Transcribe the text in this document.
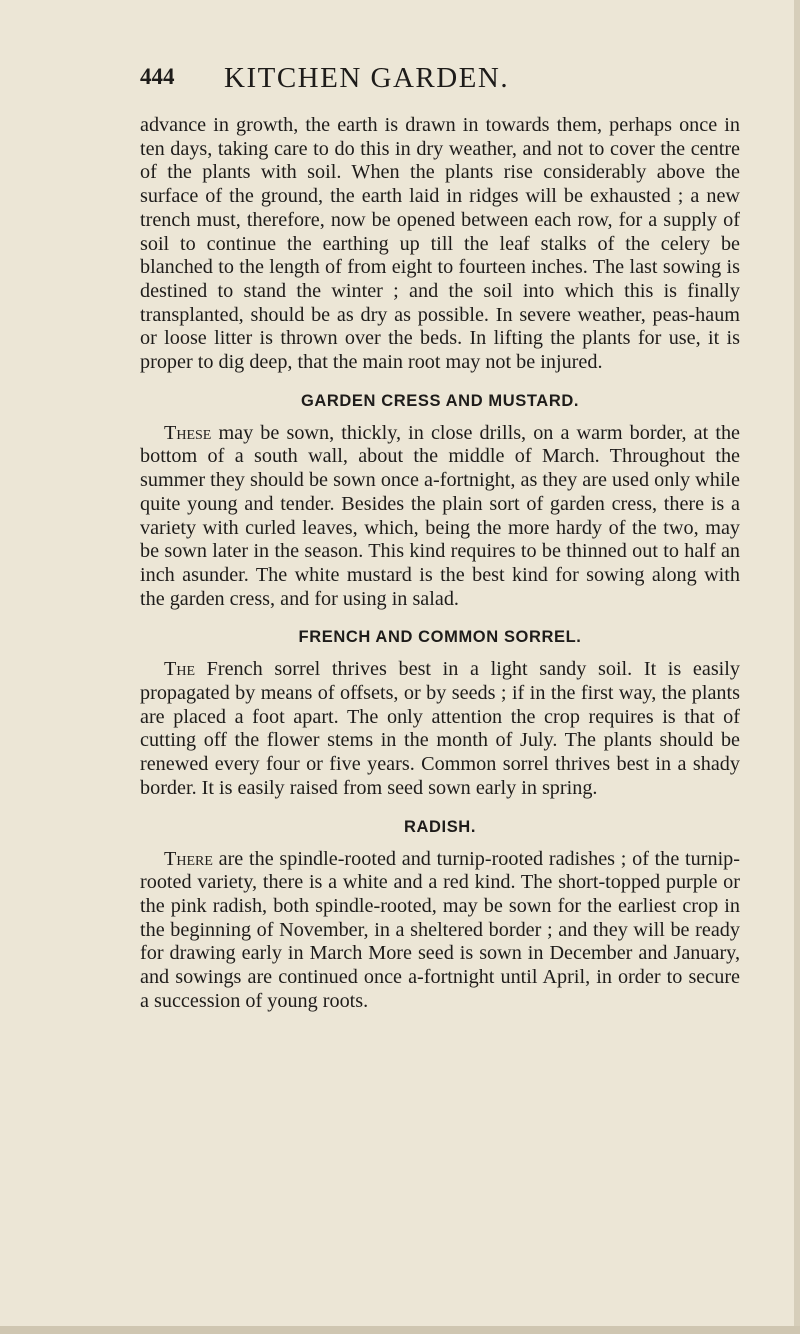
444 KITCHEN GARDEN.

advance in growth, the earth is drawn in towards them, perhaps once in ten days, taking care to do this in dry weather, and not to cover the centre of the plants with soil. When the plants rise considerably above the surface of the ground, the earth laid in ridges will be exhausted ; a new trench must, therefore, now be opened between each row, for a supply of soil to continue the earthing up till the leaf stalks of the celery be blanched to the length of from eight to fourteen inches. The last sowing is destined to stand the winter ; and the soil into which this is finally transplanted, should be as dry as possible. In severe weather, peas-haum or loose litter is thrown over the beds. In lifting the plants for use, it is proper to dig deep, that the main root may not be injured.

GARDEN CRESS AND MUSTARD.

These may be sown, thickly, in close drills, on a warm border, at the bottom of a south wall, about the middle of March. Throughout the summer they should be sown once a-fortnight, as they are used only while quite young and tender. Besides the plain sort of garden cress, there is a variety with curled leaves, which, being the more hardy of the two, may be sown later in the season. This kind requires to be thinned out to half an inch asunder. The white mustard is the best kind for sowing along with the garden cress, and for using in salad.

FRENCH AND COMMON SORREL.

The French sorrel thrives best in a light sandy soil. It is easily propagated by means of offsets, or by seeds ; if in the first way, the plants are placed a foot apart. The only attention the crop requires is that of cutting off the flower stems in the month of July. The plants should be renewed every four or five years. Common sorrel thrives best in a shady border. It is easily raised from seed sown early in spring.

RADISH.

There are the spindle-rooted and turnip-rooted radishes ; of the turnip-rooted variety, there is a white and a red kind. The short-topped purple or the pink radish, both spindle-rooted, may be sown for the earliest crop in the beginning of November, in a sheltered border ; and they will be ready for drawing early in March More seed is sown in December and January, and sowings are continued once a-fortnight until April, in order to secure a succession of young roots.
